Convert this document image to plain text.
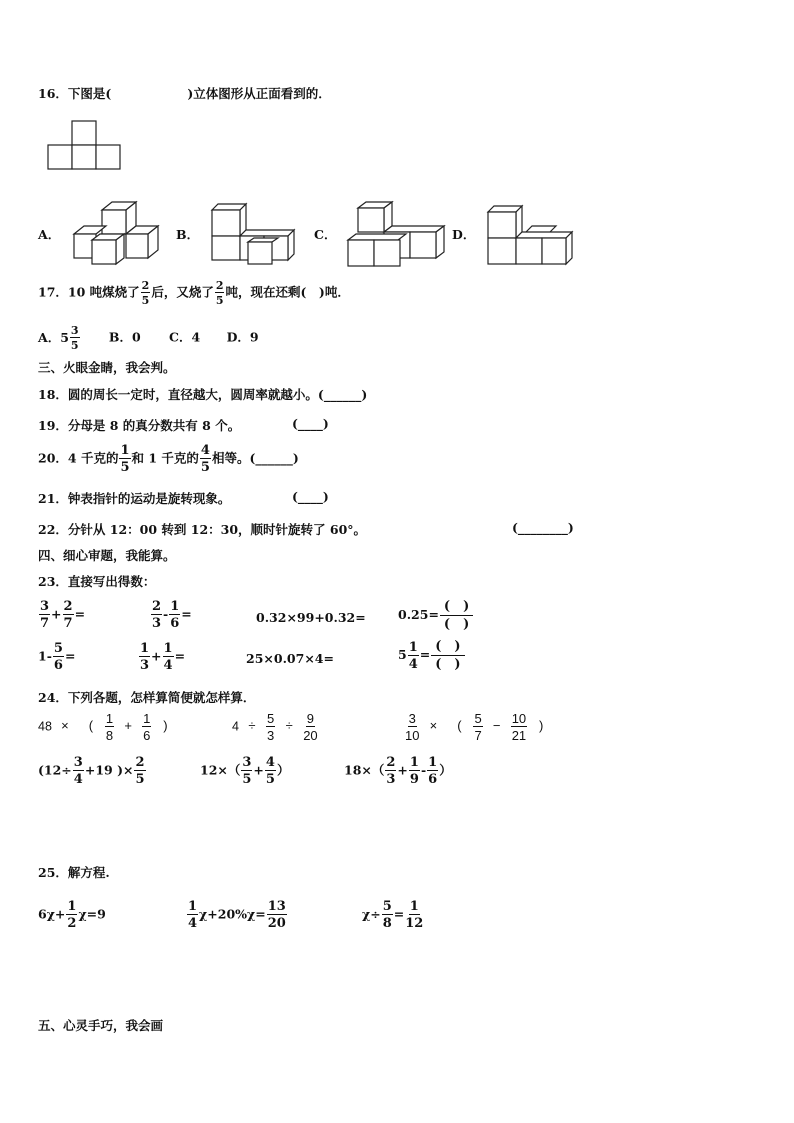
16．下图是(	)立体图形从正面看到的．
A．	B．	C．	D．
17．10 吨煤烧了 $\frac{2}{5}$ 后，又烧了 $\frac{2}{5}$ 吨，现在还剩(　)吨．
A．$5 \frac{3}{5}$ B．0 C．4 D．9
三、火眼金睛，我会判。
18．圆的周长一定时，直径越大，圆周率就越小。(______)
19．分母是 8 的真分数共有 8 个。	(____)
20．4 千克的 $\frac{1}{5}$ 和 1 千克的 $\frac{4}{5}$ 相等。(______)
21．钟表指针的运动是旋转现象。	(____)
22．分针从 12：00 转到 12：30，顺时针旋转了 60°。	(________)
四、细心审题，我能算。
23．直接写出得数：
$\frac{3}{7} + \frac{2}{7}$ =	$\frac{2}{3} - \frac{1}{6}$ =	0.32×99+0.32=	$0.25= \frac{( )}{( )}$
$1- \frac{5}{6}$ =	$\frac{1}{3} + \frac{1}{4}$ =	25×0.07×4=	$5 \frac{1}{4} = \frac{( )}{( )}$
24．下列各题，怎样算简便就怎样算．
48 × ( $\frac{1}{8} + \frac{1}{6}$ )	$4 \div \frac{5}{3} \div \frac{9}{20}$	$\frac{3}{10}$ × ( $\frac{5}{7} - \frac{10}{21}$ )
($12\div \frac{3}{4} +19$ )× $\frac{2}{5}$	$12\times( \frac{3}{5} + \frac{4}{5}$ ）	$18\times( \frac{2}{3} + \frac{1}{9} - \frac{1}{6}$ ）
25．解方程.
$6\chi+ \frac{1}{2} \chi=9$	$\frac{1}{4} \chi+20\%\chi= \frac{13}{20}$	$\chi\div \frac{5}{8} = \frac{1}{12}$
五、心灵手巧，我会画
